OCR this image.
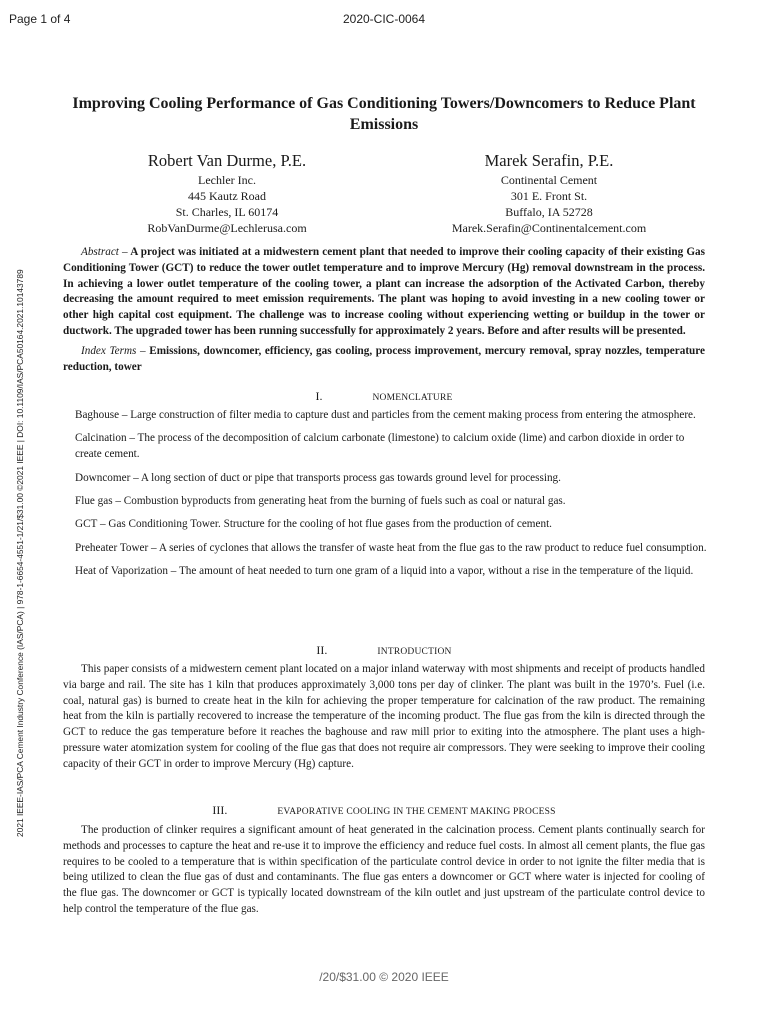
Page 1 of 4	2020-CIC-0064
2021 IEEE-IAS/PCA Cement Industry Conference (IAS/PCA) | 978-1-6654-4551-1/21/$31.00 ©2021 IEEE | DOI: 10.1109/IAS/PCA50164.2021.10143789
Improving Cooling Performance of Gas Conditioning Towers/Downcomers to Reduce Plant Emissions
Robert Van Durme, P.E.
Lechler Inc.
445 Kautz Road
St. Charles, IL 60174
RobVanDurme@Lechlerusa.com
Marek Serafin, P.E.
Continental Cement
301 E. Front St.
Buffalo, IA 52728
Marek.Serafin@Continentalcement.com

Abstract – A project was initiated at a midwestern cement plant that needed to improve their cooling capacity of their existing Gas Conditioning Tower (GCT) to reduce the tower outlet temperature and to improve Mercury (Hg) removal downstream in the process. In achieving a lower outlet temperature of the cooling tower, a plant can increase the adsorption of the Activated Carbon, thereby decreasing the amount required to meet emission requirements. The plant was hoping to avoid investing in a new cooling tower or other high capital cost equipment. The challenge was to increase cooling without experiencing wetting or buildup in the tower or ductwork. The upgraded tower has been running successfully for approximately 2 years. Before and after results will be presented.

Index Terms – Emissions, downcomer, efficiency, gas cooling, process improvement, mercury removal, spray nozzles, temperature reduction, tower

I.	NOMENCLATURE

Baghouse – Large construction of filter media to capture dust and particles from the cement making process from entering the atmosphere.

Calcination – The process of the decomposition of calcium carbonate (limestone) to calcium oxide (lime) and carbon dioxide in order to create cement.

Downcomer – A long section of duct or pipe that transports process gas towards ground level for processing.

Flue gas – Combustion byproducts from generating heat from the burning of fuels such as coal or natural gas.

GCT – Gas Conditioning Tower. Structure for the cooling of hot flue gases from the production of cement.

Preheater Tower – A series of cyclones that allows the transfer of waste heat from the flue gas to the raw product to reduce fuel consumption.

Heat of Vaporization – The amount of heat needed to turn one gram of a liquid into a vapor, without a rise in the temperature of the liquid.

II.	INTRODUCTION

This paper consists of a midwestern cement plant located on a major inland waterway with most shipments and receipt of products handled via barge and rail. The site has 1 kiln that produces approximately 3,000 tons per day of clinker. The plant was built in the 1970’s. Fuel (i.e. coal, natural gas) is burned to create heat in the kiln for achieving the proper temperature for calcination of the raw product. The remaining heat from the kiln is partially recovered to increase the temperature of the incoming product. The flue gas from the kiln is directed through the GCT to reduce the gas temperature before it reaches the baghouse and raw mill prior to exiting into the atmosphere. The plant uses a high-pressure water atomization system for cooling of the flue gas that does not require air compressors. They were seeking to improve their cooling capacity of their GCT in order to improve Mercury (Hg) capture.

III.	EVAPORATIVE COOLING IN THE CEMENT MAKING PROCESS

The production of clinker requires a significant amount of heat generated in the calcination process. Cement plants continually search for methods and processes to capture the heat and re-use it to improve the efficiency and reduce fuel costs. In almost all cement plants, the flue gas requires to be cooled to a temperature that is within specification of the particulate control device in order to not ignite the filter media that is being utilized to clean the flue gas of dust and contaminants. The flue gas enters a downcomer or GCT where water is injected for cooling of the flue gas. The downcomer or GCT is typically located downstream of the kiln outlet and just upstream of the particulate control device to help control the temperature of the flue gas.

/20/$31.00 © 2020 IEEE
